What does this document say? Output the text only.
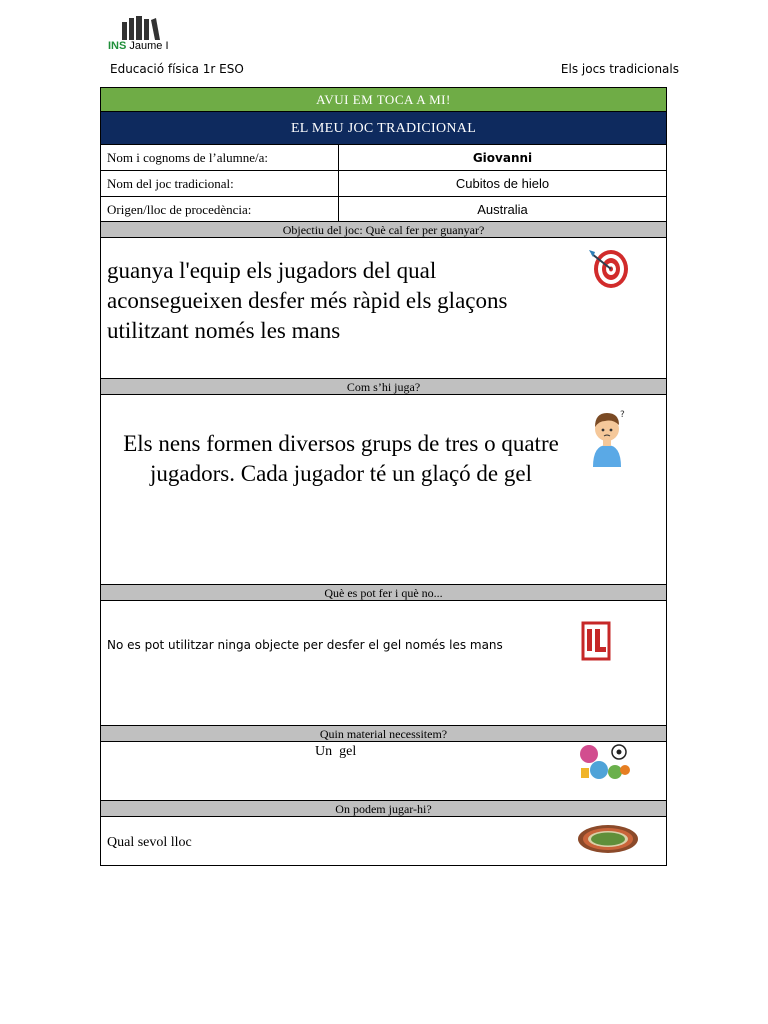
INS Jaume I
Educació física 1r ESO	Els jocs tradicionals
AVUI EM TOCA A MI!
EL MEU JOC TRADICIONAL
Nom i cognoms de l’alumne/a:	Giovanni
Nom del joc tradicional:	Cubitos de hielo
Origen/lloc de procedència:	Australia
Objectiu del joc: Què cal fer per guanyar?
guanya l'equip els jugadors del qual aconsegueixen desfer més ràpid els glaçons utilitzant només les mans
Com s’hi juga?
Els nens formen diversos grups de tres o quatre jugadors. Cada jugador té un glaçó de gel
?
Què es pot fer i què no...
No es pot utilitzar ninga objecte per desfer el gel només les mans
Quin material necessitem?
Un  gel
On podem jugar-hi?
Qual sevol lloc
